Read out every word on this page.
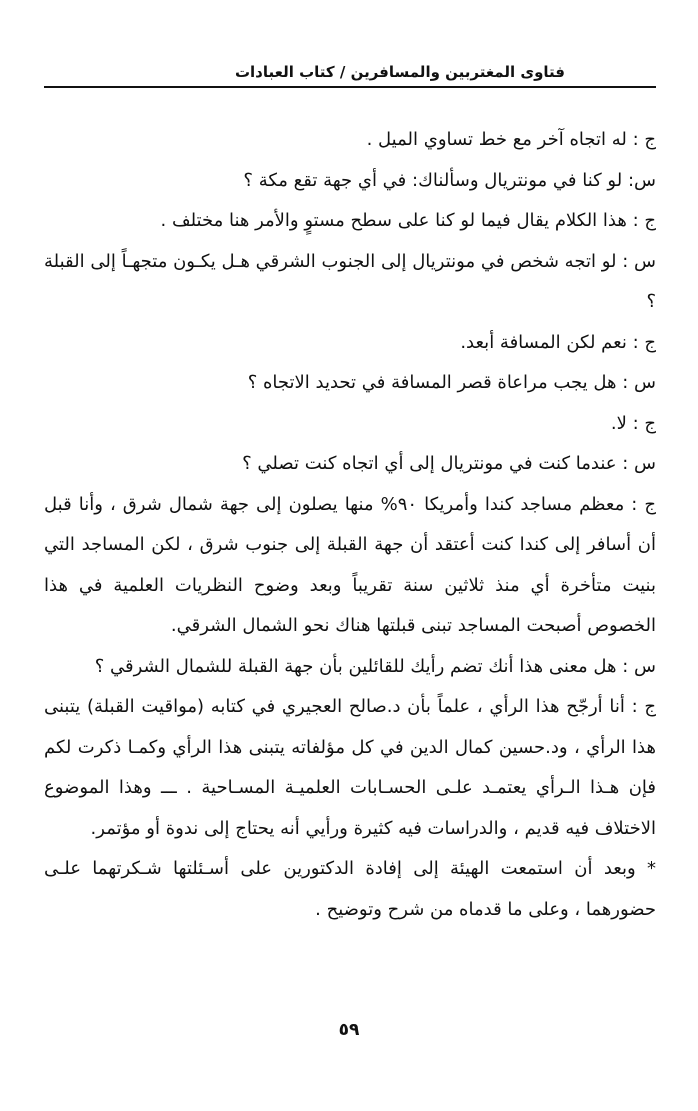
فتاوى المغتربين والمسافرين / كتاب العبادات

ج : له اتجاه آخر مع خط تساوي الميل .

س: لو كنا في مونتريال وسألناك: في أي جهة تقع مكة ؟

ج : هذا الكلام يقال فيما لو كنا على سطح مستوٍ والأمر هنا مختلف .

س : لو اتجه شخص في مونتريال إلى الجنوب الشرقي هـل يكـون متجهـاً إلى القبلة ؟

ج : نعم لكن المسافة أبعد.

س : هل يجب مراعاة قصر المسافة في تحديد الاتجاه ؟

ج : لا.

س : عندما كنت في مونتريال إلى أي اتجاه كنت تصلي ؟

ج : معظم مساجد كندا وأمريكا ٩٠% منها يصلون إلى جهة شمال شرق ، وأنا قبل أن أسافر إلى كندا كنت أعتقد أن جهة القبلة إلى جنوب شرق ، لكن المساجد التي بنيت متأخرة أي منذ ثلاثين سنة تقريباً وبعد وضوح النظريات العلمية في هذا الخصوص أصبحت المساجد تبنى قبلتها هناك نحو الشمال الشرقي.

س : هل معنى هذا أنك تضم رأيك للقائلين بأن جهة القبلة للشمال الشرقي ؟

ج : أنا أرجّح هذا الرأي ، علماً بأن د.صالح العجيري في كتابه (مواقيت القبلة) يتبنى هذا الرأي ، ود.حسين كمال الدين في كل مؤلفاته يتبنى هذا الرأي وكمـا ذكرت لكم فإن هـذا الـرأي يعتمـد علـى الحسـابات العلميـة المسـاحية . ـــ وهذا الموضوع الاختلاف فيه قديم ، والدراسات فيه كثيرة ورأيي أنه يحتاج إلى ندوة أو مؤتمر.

* وبعد أن استمعت الهيئة إلى إفادة الدكتورين على أسـئلتها شـكرتهما علـى حضورهما ، وعلى ما قدماه من شرح وتوضيح .

٥٩
